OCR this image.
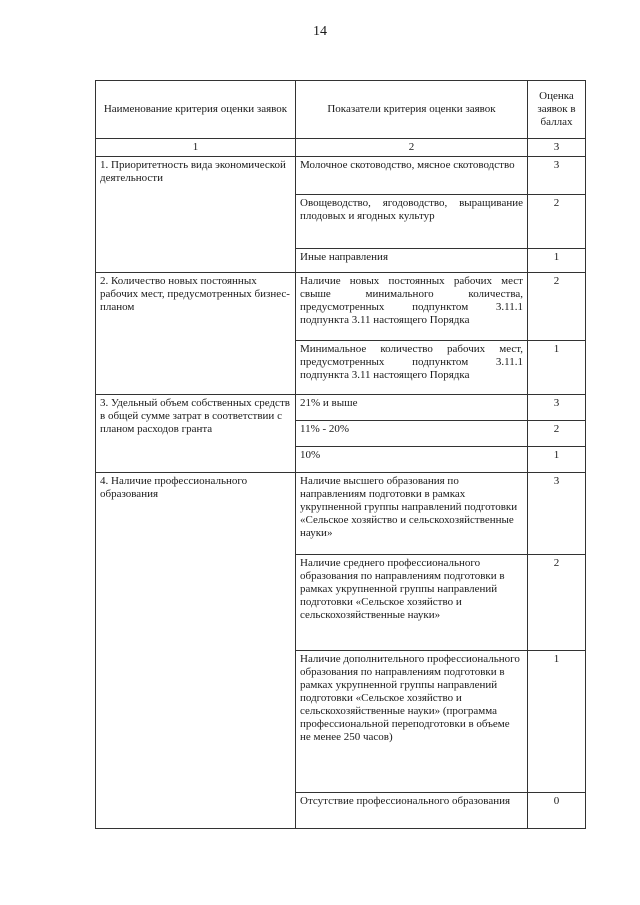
14
Наименование критерия оценки заявок	Показатели критерия оценки заявок	Оценка заявок в баллах
1	2	3
1. Приоритетность вида экономической деятельности	Молочное скотоводство, мясное скотоводство	3
	Овощеводство, ягодоводство, выращивание плодовых и ягодных культур	2
	Иные направления	1
2. Количество новых постоянных рабочих мест, предусмотренных бизнес-планом	Наличие новых постоянных рабочих мест свыше минимального количества, предусмотренных подпунктом 3.11.1 подпункта 3.11 настоящего Порядка	2
	Минимальное количество рабочих мест, предусмотренных подпунктом 3.11.1 подпункта 3.11 настоящего Порядка	1
3. Удельный объем собственных средств в общей сумме затрат в соответствии с планом расходов гранта	21% и выше	3
	11% - 20%	2
	10%	1
4. Наличие профессионального образования	Наличие высшего образования по направлениям подготовки в рамках укрупненной группы направлений подготовки «Сельское хозяйство и сельскохозяйственные науки»	3
	Наличие среднего профессионального образования по направлениям подготовки в рамках укрупненной группы направлений подготовки «Сельское хозяйство и сельскохозяйственные науки»	2
	Наличие дополнительного профессионального образования по направлениям подготовки в рамках укрупненной группы направлений подготовки «Сельское хозяйство и сельскохозяйственные науки» (программа профессиональной переподготовки в объеме не менее 250 часов)	1
	Отсутствие профессионального образования	0
